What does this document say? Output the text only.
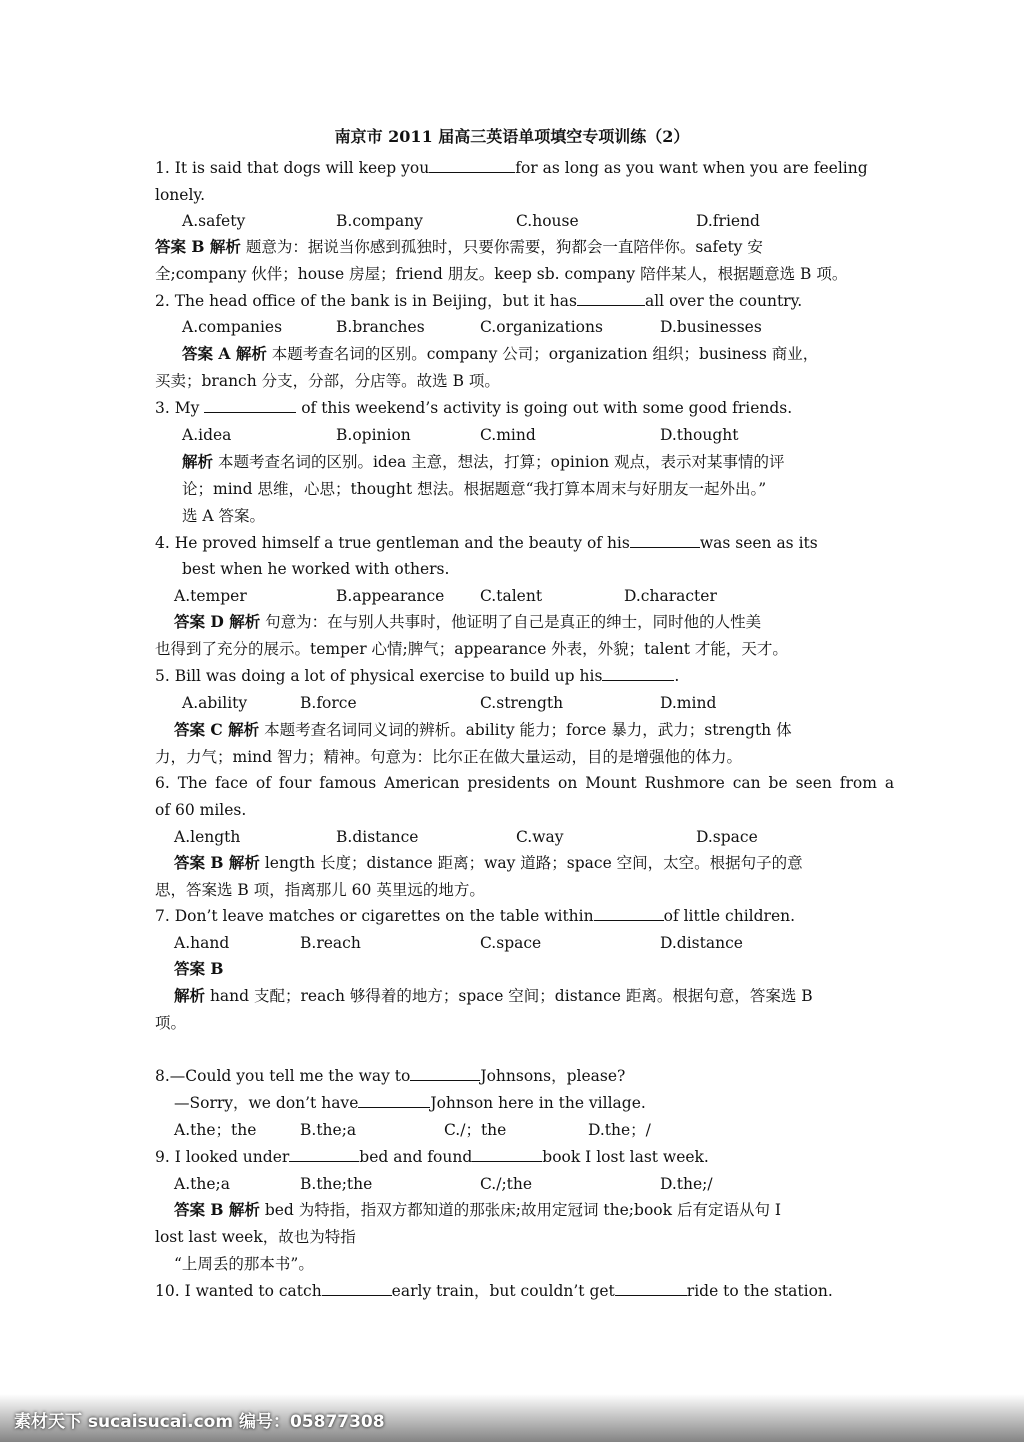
南京市 2011 届高三英语单项填空专项训练（2）
1. It is said that dogs will keep you	for as long as you want when you are feeling
lonely.
A.safety	B.company	C.house	D.friend
答案 B 解析 题意为：据说当你感到孤独时，只要你需要，狗都会一直陪伴你。safety 安
全;company 伙伴；house 房屋；friend 朋友。keep sb. company 陪伴某人，根据题意选 B 项。
2. The head office of the bank is in Beijing，but it has	all over the country.
A.companies	B.branches	C.organizations	D.businesses
答案 A 解析 本题考查名词的区别。company 公司；organization 组织；business 商业，
买卖；branch 分支，分部，分店等。故选 B 项。
3. My	of this weekend’s activity is going out with some good friends.
A.idea	B.opinion	C.mind	D.thought
解析 本题考查名词的区别。idea 主意，想法，打算；opinion 观点，表示对某事情的评
论；mind 思维，心思；thought 想法。根据题意“我打算本周末与好朋友一起外出。”
选 A 答案。
4. He proved himself a true gentleman and the beauty of his	was seen as its
best when he worked with others.
A.temper	B.appearance C.talent	D.character
答案 D 解析 句意为：在与别人共事时，他证明了自己是真正的绅士，同时他的人性美
也得到了充分的展示。temper 心情;脾气；appearance 外表，外貌；talent 才能，天才。
5. Bill was doing a lot of physical exercise to build up his	.
A.ability	B.force	C.strength	D.mind
答案 C 解析 本题考查名词同义词的辨析。ability 能力；force 暴力，武力；strength 体
力，力气；mind 智力；精神。句意为：比尔正在做大量运动，目的是增强他的体力。
6. The face of four famous American presidents on Mount Rushmore can be seen from a
of 60 miles.
A.length	B.distance	C.way	D.space
答案 B 解析 length 长度；distance 距离；way 道路；space 空间，太空。根据句子的意
思，答案选 B 项，指离那儿 60 英里远的地方。
7. Don’t leave matches or cigarettes on the table within	of little children.
A.hand	B.reach	C.space	D.distance
答案 B
解析 hand 支配；reach 够得着的地方；space 空间；distance 距离。根据句意，答案选 B
项。
8.—Could you tell me the way to	Johnsons，please?
—Sorry，we don’t have	Johnson here in the village.
A.the；the	B.the;a	C./；the	D.the；/
9. I looked under	bed and found	book I lost last week.
A.the;a	B.the;the	C./;the	D.the;/
答案 B 解析 bed 为特指，指双方都知道的那张床;故用定冠词 the;book 后有定语从句 I
lost last week，故也为特指
“上周丢的那本书”。
10. I wanted to catch	early train，but couldn’t get	ride to the station.
素材天下 sucaisucai.com 编号：05877308
